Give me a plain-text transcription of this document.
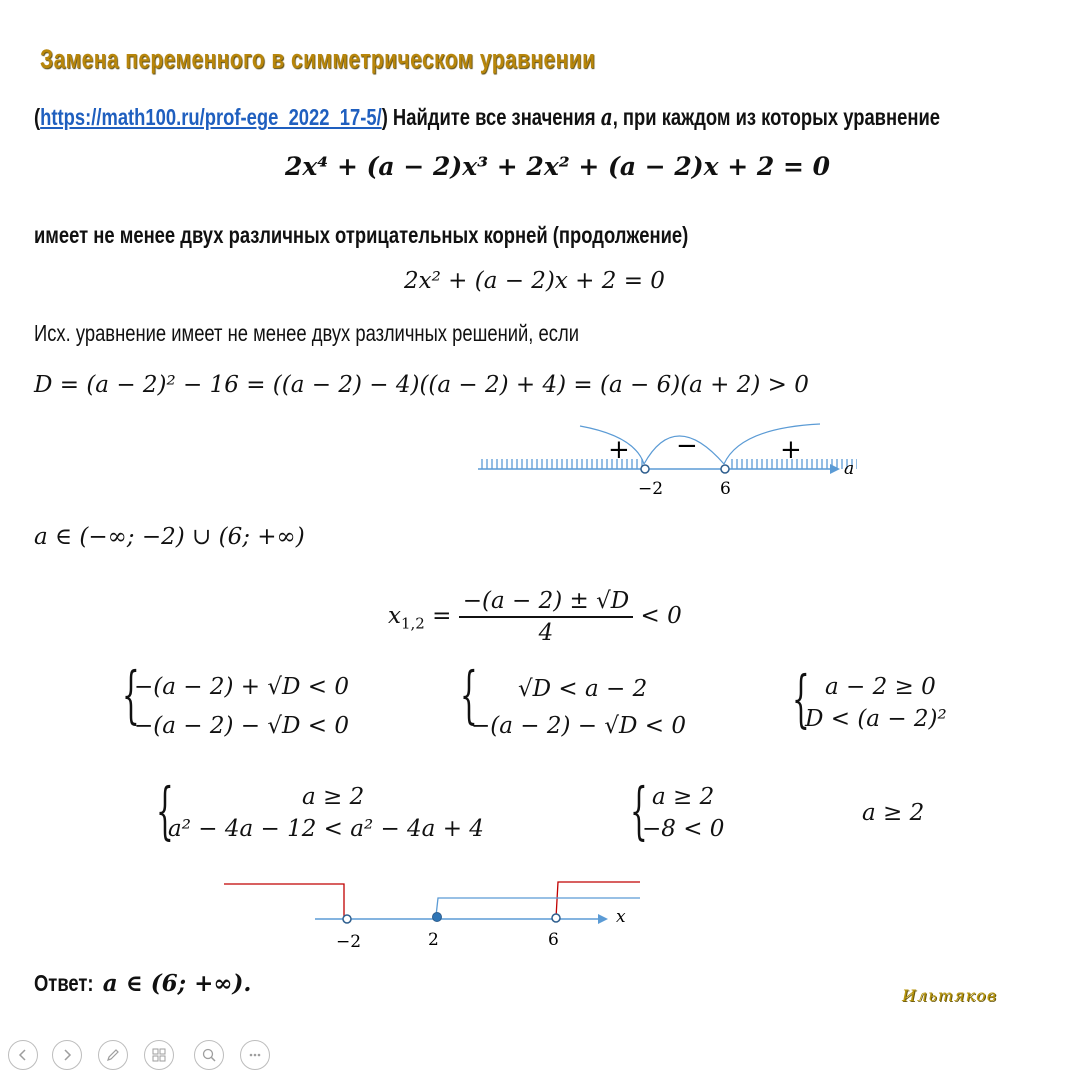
Замена переменного в симметрическом уравнении
(https://math100.ru/prof-ege_2022_17-5/) Найдите все значения a, при каждом из которых уравнение
2x⁴ + (a − 2)x³ + 2x² + (a − 2)x + 2 = 0
имеет не менее двух различных отрицательных корней (продолжение)
2x² + (a − 2)x + 2 = 0
Исх. уравнение имеет не менее двух различных решений, если
D = (a − 2)² − 16 = ((a − 2) − 4)((a − 2) + 4) = (a − 6)(a + 2) > 0
+ −	+
−2	6
a
a ∈ (−∞; −2) ∪ (6; +∞)
$x_{1,2} = \frac{-(a - 2) \pm √D}{4} < 0$
{
−(a − 2) + √D < 0
−(a − 2) − √D < 0 { √D < a − 2
−(a − 2) − √D < 0 { a − 2 ≥ 0
D < (a − 2)²
{	a ≥ 2
a² − 4a − 12 < a² − 4a + 4 { a ≥ 2
−8 < 0
a ≥ 2
−2	2	6
x
Ответ: a ∈ (6; +∞).	Ильтяков
